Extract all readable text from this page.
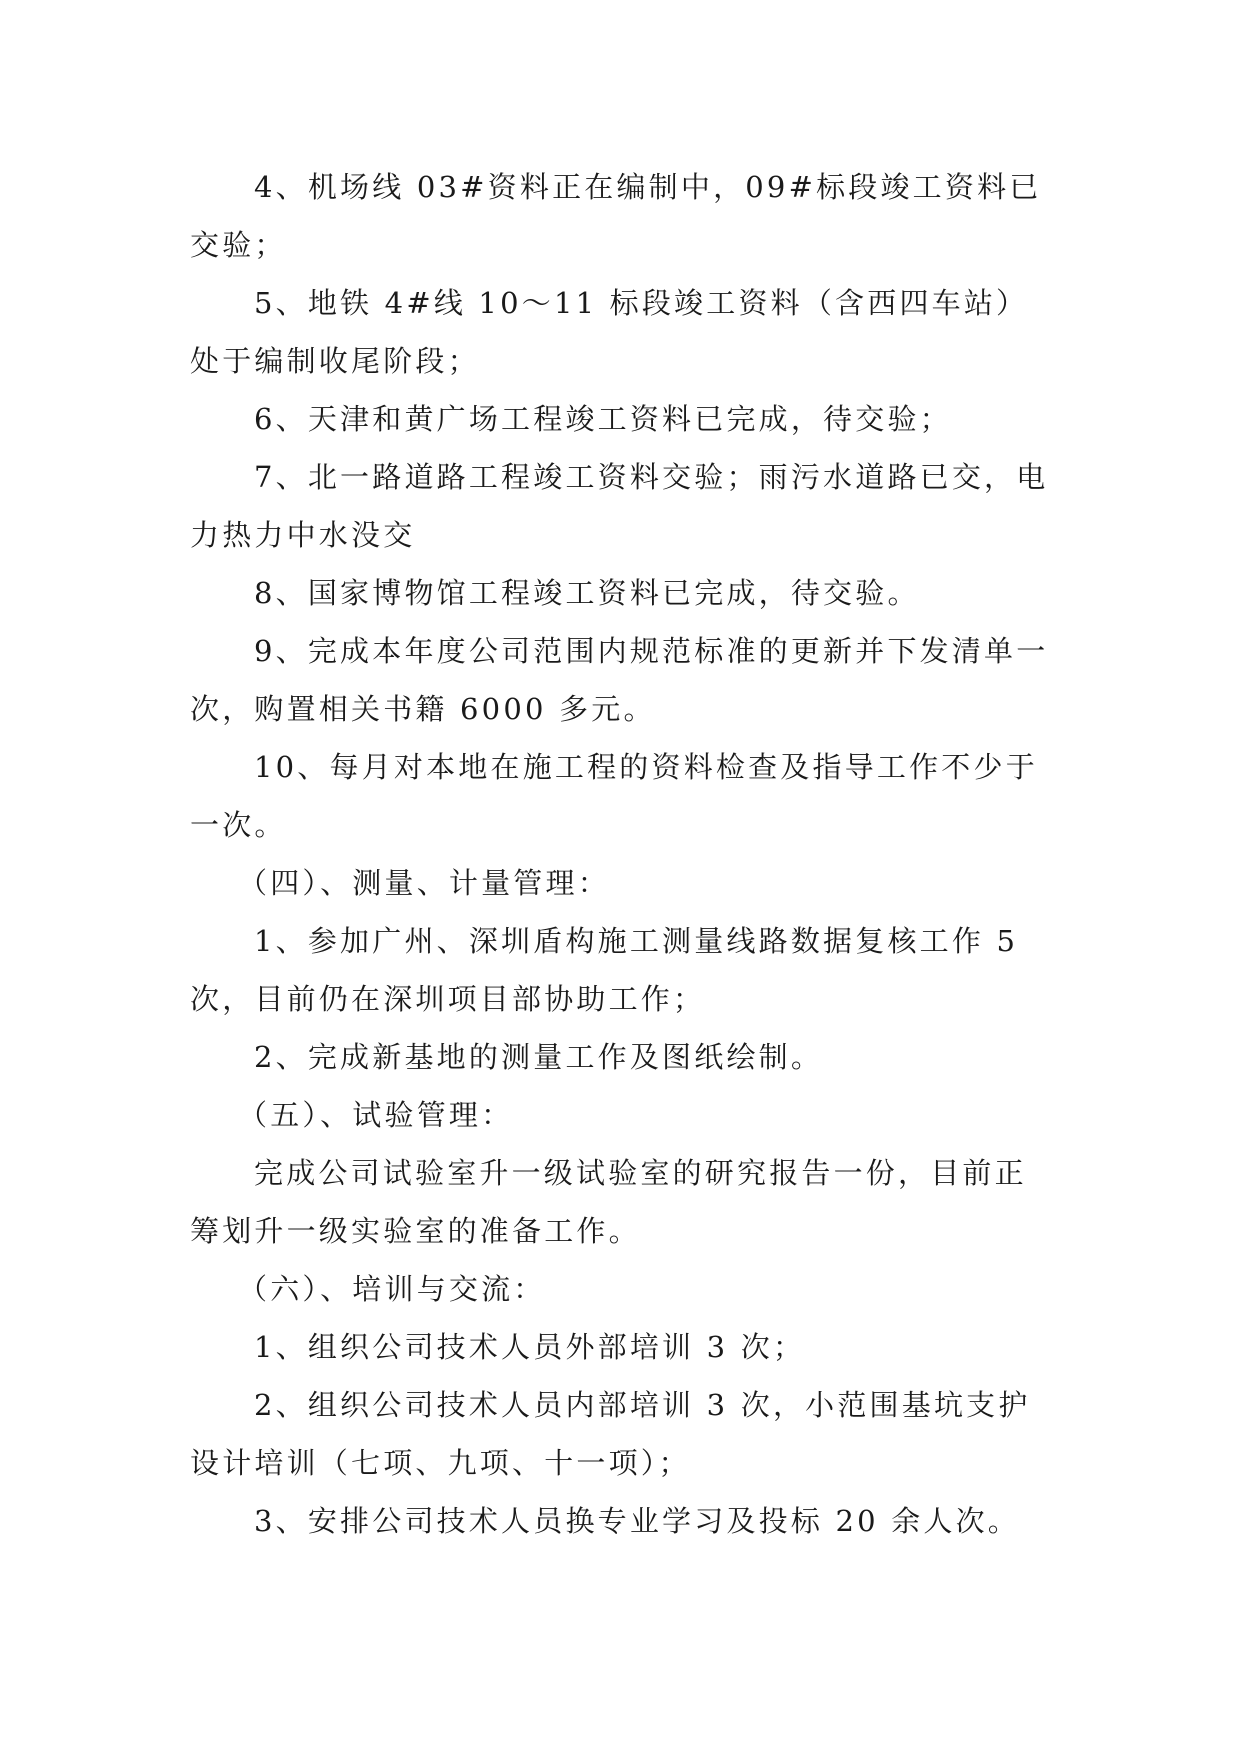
4、机场线 03#资料正在编制中，09#标段竣工资料已交验；

5、地铁 4#线 10～11 标段竣工资料（含西四车站）处于编制收尾阶段；

6、天津和黄广场工程竣工资料已完成，待交验；

7、北一路道路工程竣工资料交验；雨污水道路已交，电力热力中水没交

8、国家博物馆工程竣工资料已完成，待交验。

9、完成本年度公司范围内规范标准的更新并下发清单一次，购置相关书籍 6000 多元。

10、每月对本地在施工程的资料检查及指导工作不少于一次。

（四）、测量、计量管理：

1、参加广州、深圳盾构施工测量线路数据复核工作 5 次，目前仍在深圳项目部协助工作；

2、完成新基地的测量工作及图纸绘制。

（五）、试验管理：

完成公司试验室升一级试验室的研究报告一份，目前正筹划升一级实验室的准备工作。

（六）、培训与交流：

1、组织公司技术人员外部培训 3 次；

2、组织公司技术人员内部培训 3 次，小范围基坑支护设计培训（七项、九项、十一项）；

3、安排公司技术人员换专业学习及投标 20 余人次。
